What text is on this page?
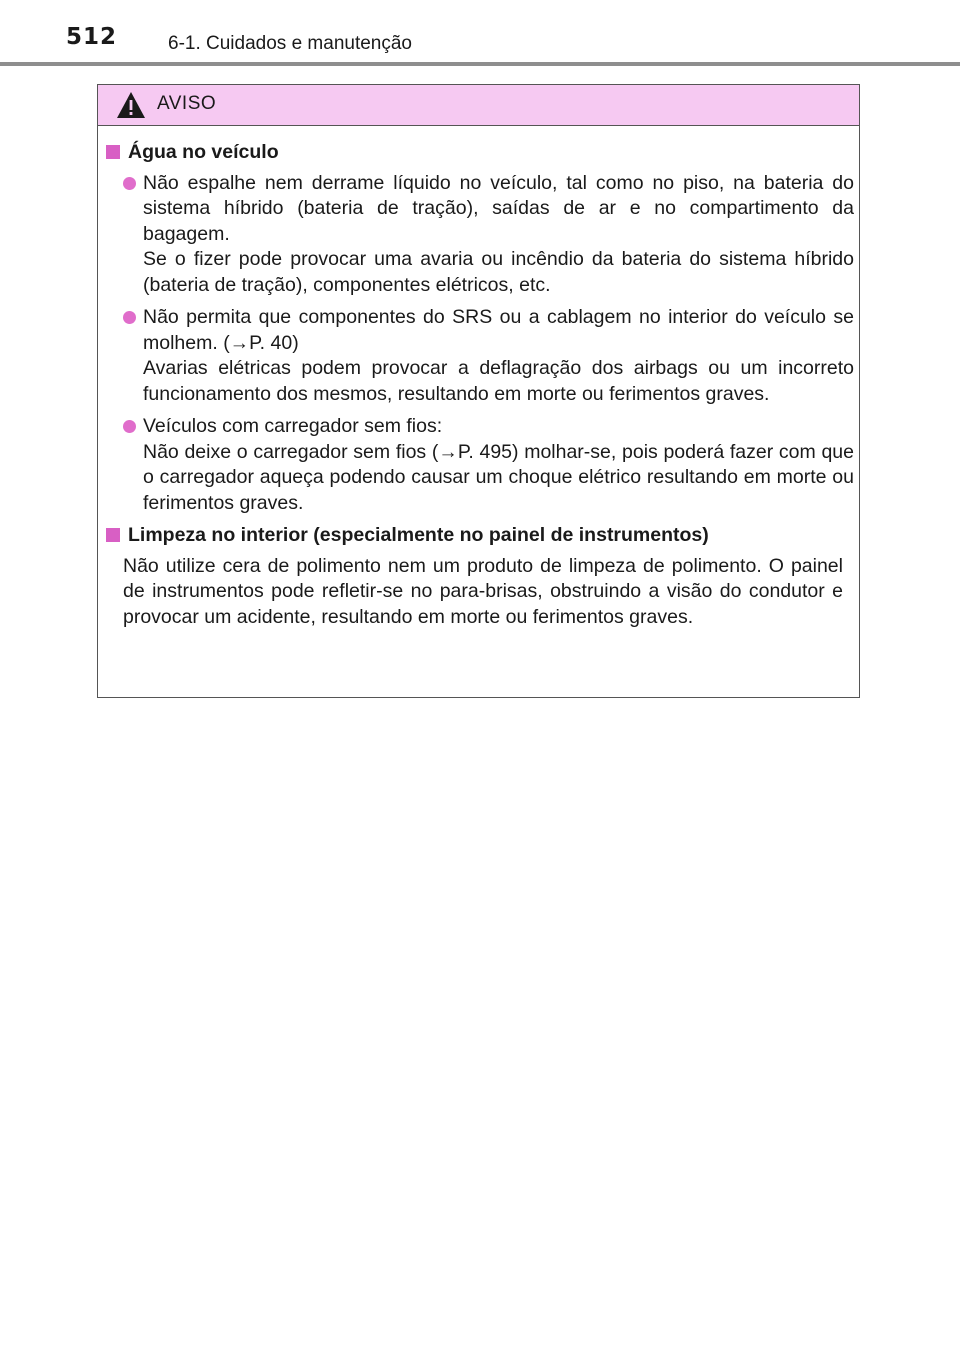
512	6-1. Cuidados e manutenção
AVISO
Água no veículo
Não espalhe nem derrame líquido no veículo, tal como no piso, na bateria do sistema híbrido (bateria de tração), saídas de ar e no compartimento da bagagem.
Se o fizer pode provocar uma avaria ou incêndio da bateria do sistema híbrido (bateria de tração), componentes elétricos, etc.
Não permita que componentes do SRS ou a cablagem no interior do veículo se molhem. (→P. 40)
Avarias elétricas podem provocar a deflagração dos airbags ou um incorreto funcionamento dos mesmos, resultando em morte ou ferimentos graves.
Veículos com carregador sem fios:
Não deixe o carregador sem fios (→P. 495) molhar-se, pois poderá fazer com que o carregador aqueça podendo causar um choque elétrico resultando em morte ou ferimentos graves.
Limpeza no interior (especialmente no painel de instrumentos)
Não utilize cera de polimento nem um produto de limpeza de polimento. O painel de instrumentos pode refletir-se no para-brisas, obstruindo a visão do condutor e provocar um acidente, resultando em morte ou ferimentos graves.
